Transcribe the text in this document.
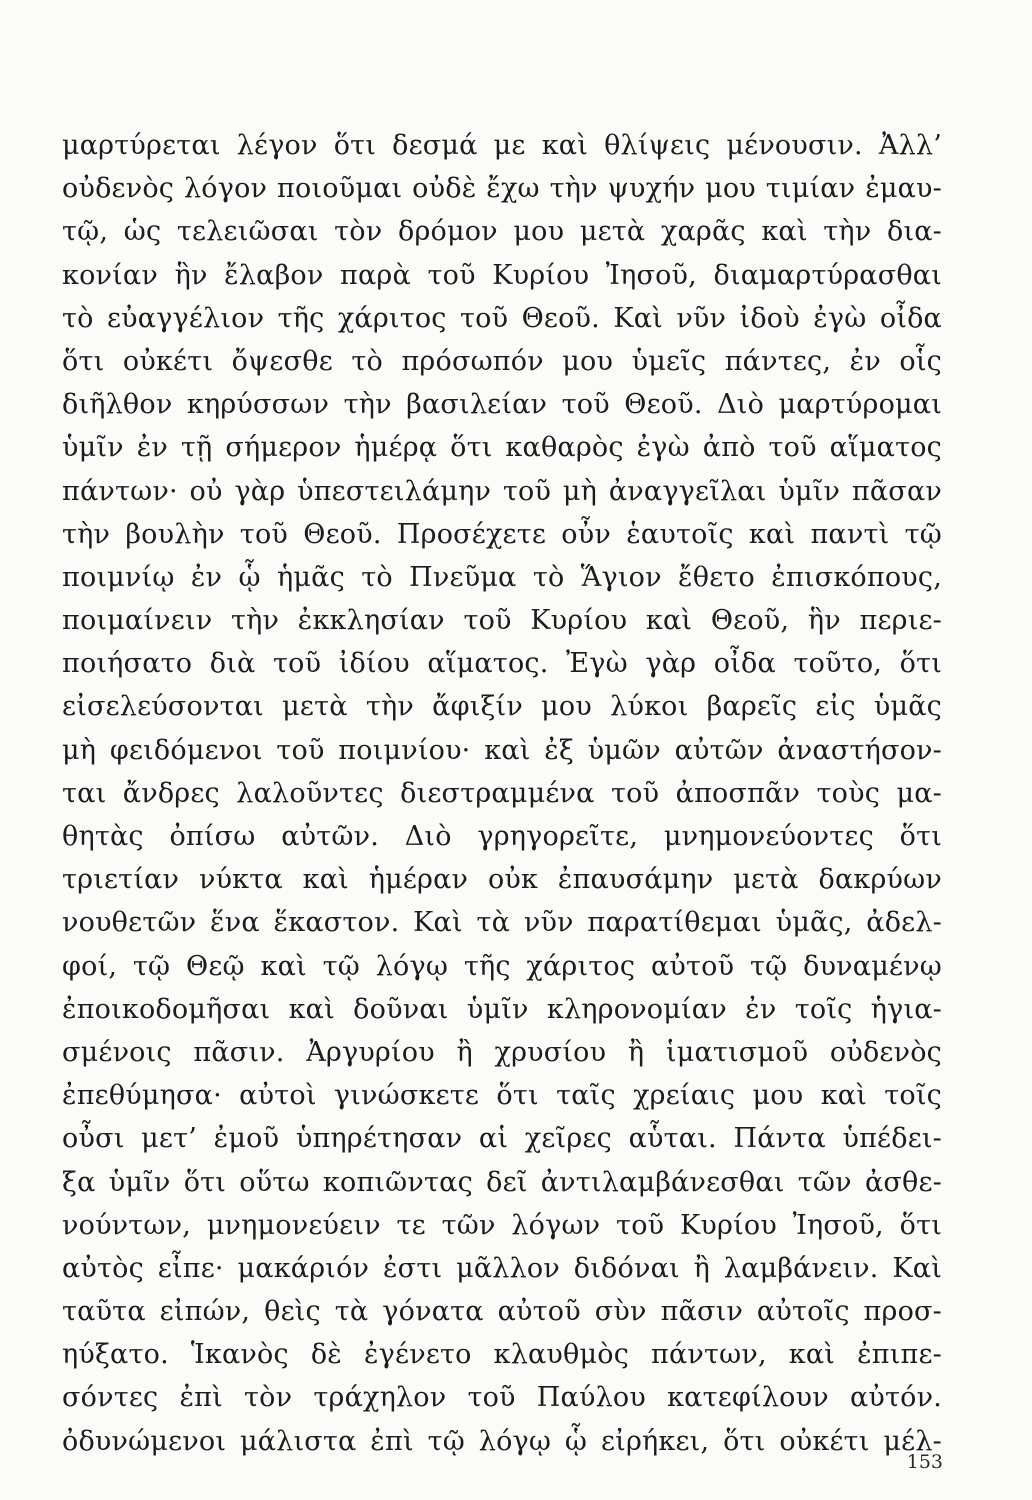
μαρτύρεται λέγον ὅτι δεσμά με καὶ θλίψεις μένουσιν. Ἀλλ’
οὐδενὸς λόγον ποιοῦμαι οὐδὲ ἔχω τὴν ψυχήν μου τιμίαν ἐμαυ-
τῷ, ὡς τελειῶσαι τὸν δρόμον μου μετὰ χαρᾶς καὶ τὴν δια-
κονίαν ἣν ἔλαβον παρὰ τοῦ Κυρίου Ἰησοῦ, διαμαρτύρασθαι
τὸ εὐαγγέλιον τῆς χάριτος τοῦ Θεοῦ. Καὶ νῦν ἰδοὺ ἐγὼ οἶδα
ὅτι οὐκέτι ὄψεσθε τὸ πρόσωπόν μου ὑμεῖς πάντες, ἐν οἷς
διῆλθον κηρύσσων τὴν βασιλείαν τοῦ Θεοῦ. Διὸ μαρτύρομαι
ὑμῖν ἐν τῇ σήμερον ἡμέρᾳ ὅτι καθαρὸς ἐγὼ ἀπὸ τοῦ αἵματος
πάντων· οὐ γὰρ ὑπεστειλάμην τοῦ μὴ ἀναγγεῖλαι ὑμῖν πᾶσαν
τὴν βουλὴν τοῦ Θεοῦ. Προσέχετε οὖν ἑαυτοῖς καὶ παντὶ τῷ
ποιμνίῳ ἐν ᾧ ἡμᾶς τὸ Πνεῦμα τὸ Ἅγιον ἔθετο ἐπισκόπους,
ποιμαίνειν τὴν ἐκκλησίαν τοῦ Κυρίου καὶ Θεοῦ, ἣν περιε-
ποιήσατο διὰ τοῦ ἰδίου αἵματος. Ἐγὼ γὰρ οἶδα τοῦτο, ὅτι
εἰσελεύσονται μετὰ τὴν ἄφιξίν μου λύκοι βαρεῖς εἰς ὑμᾶς
μὴ φειδόμενοι τοῦ ποιμνίου· καὶ ἐξ ὑμῶν αὐτῶν ἀναστήσον-
ται ἄνδρες λαλοῦντες διεστραμμένα τοῦ ἀποσπᾶν τοὺς μα-
θητὰς ὀπίσω αὐτῶν. Διὸ γρηγορεῖτε, μνημονεύοντες ὅτι
τριετίαν νύκτα καὶ ἡμέραν οὐκ ἐπαυσάμην μετὰ δακρύων
νουθετῶν ἕνα ἕκαστον. Καὶ τὰ νῦν παρατίθεμαι ὑμᾶς, ἀδελ-
φοί, τῷ Θεῷ καὶ τῷ λόγῳ τῆς χάριτος αὐτοῦ τῷ δυναμένῳ
ἐποικοδομῆσαι καὶ δοῦναι ὑμῖν κληρονομίαν ἐν τοῖς ἡγια-
σμένοις πᾶσιν. Ἀργυρίου ἢ χρυσίου ἢ ἱματισμοῦ οὐδενὸς
ἐπεθύμησα· αὐτοὶ γινώσκετε ὅτι ταῖς χρείαις μου καὶ τοῖς
οὖσι μετ’ ἐμοῦ ὑπηρέτησαν αἱ χεῖρες αὗται. Πάντα ὑπέδει-
ξα ὑμῖν ὅτι οὕτω κοπιῶντας δεῖ ἀντιλαμβάνεσθαι τῶν ἀσθε-
νούντων, μνημονεύειν τε τῶν λόγων τοῦ Κυρίου Ἰησοῦ, ὅτι
αὐτὸς εἶπε· μακάριόν ἐστι μᾶλλον διδόναι ἢ λαμβάνειν. Καὶ
ταῦτα εἰπών, θεὶς τὰ γόνατα αὐτοῦ σὺν πᾶσιν αὐτοῖς προσ-
ηύξατο. Ἱκανὸς δὲ ἐγένετο κλαυθμὸς πάντων, καὶ ἐπιπε-
σόντες ἐπὶ τὸν τράχηλον τοῦ Παύλου κατεφίλουν αὐτόν.
ὀδυνώμενοι μάλιστα ἐπὶ τῷ λόγῳ ᾧ εἰρήκει, ὅτι οὐκέτι μέλ-
153
